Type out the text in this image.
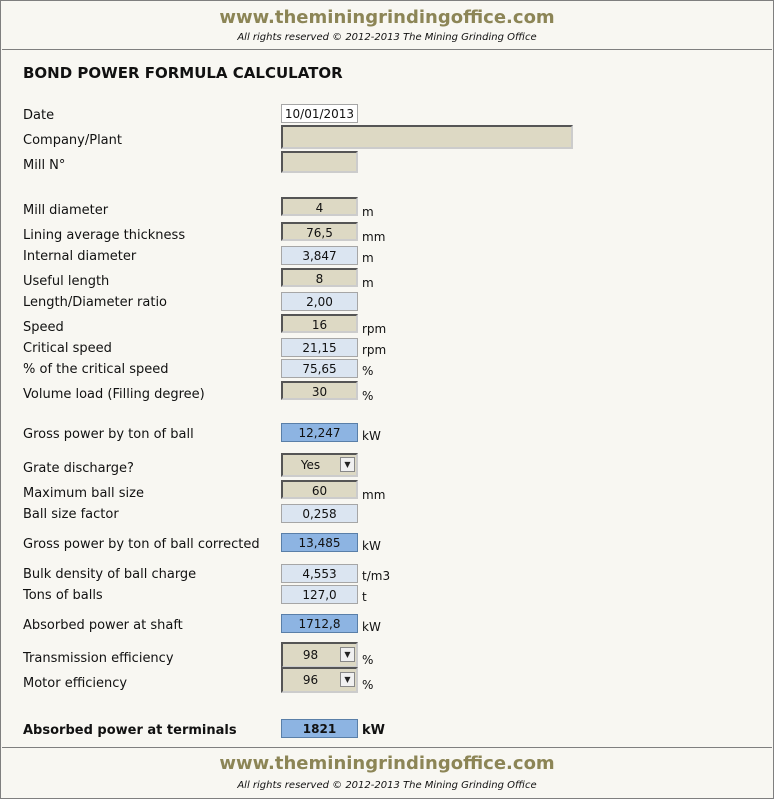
www.theminingrindingoffice.com
All rights reserved © 2012-2013 The Mining Grinding Office
BOND POWER FORMULA CALCULATOR
Date	10/01/2013
Company/Plant
Mill N°
Mill diameter	4	m
Lining average thickness	76,5	mm
Internal diameter	3,847	m
Useful length	8	m
Length/Diameter ratio	2,00
Speed	16	rpm
Critical speed	21,15	rpm
% of the critical speed	75,65	%
Volume load (Filling degree)	30	%
Gross power by ton of ball	12,247	kW
Grate discharge?	Yes	▼
Maximum ball size	60	mm
Ball size factor	0,258
Gross power by ton of ball corrected	13,485	kW
Bulk density of ball charge	4,553	t/m3
Tons of balls	127,0	t
Absorbed power at shaft	1712,8	kW
Transmission efficiency	98	▼ %
Motor efficiency	96	▼ %
Absorbed power at terminals	1821	kW
www.theminingrindingoffice.com
All rights reserved © 2012-2013 The Mining Grinding Office
